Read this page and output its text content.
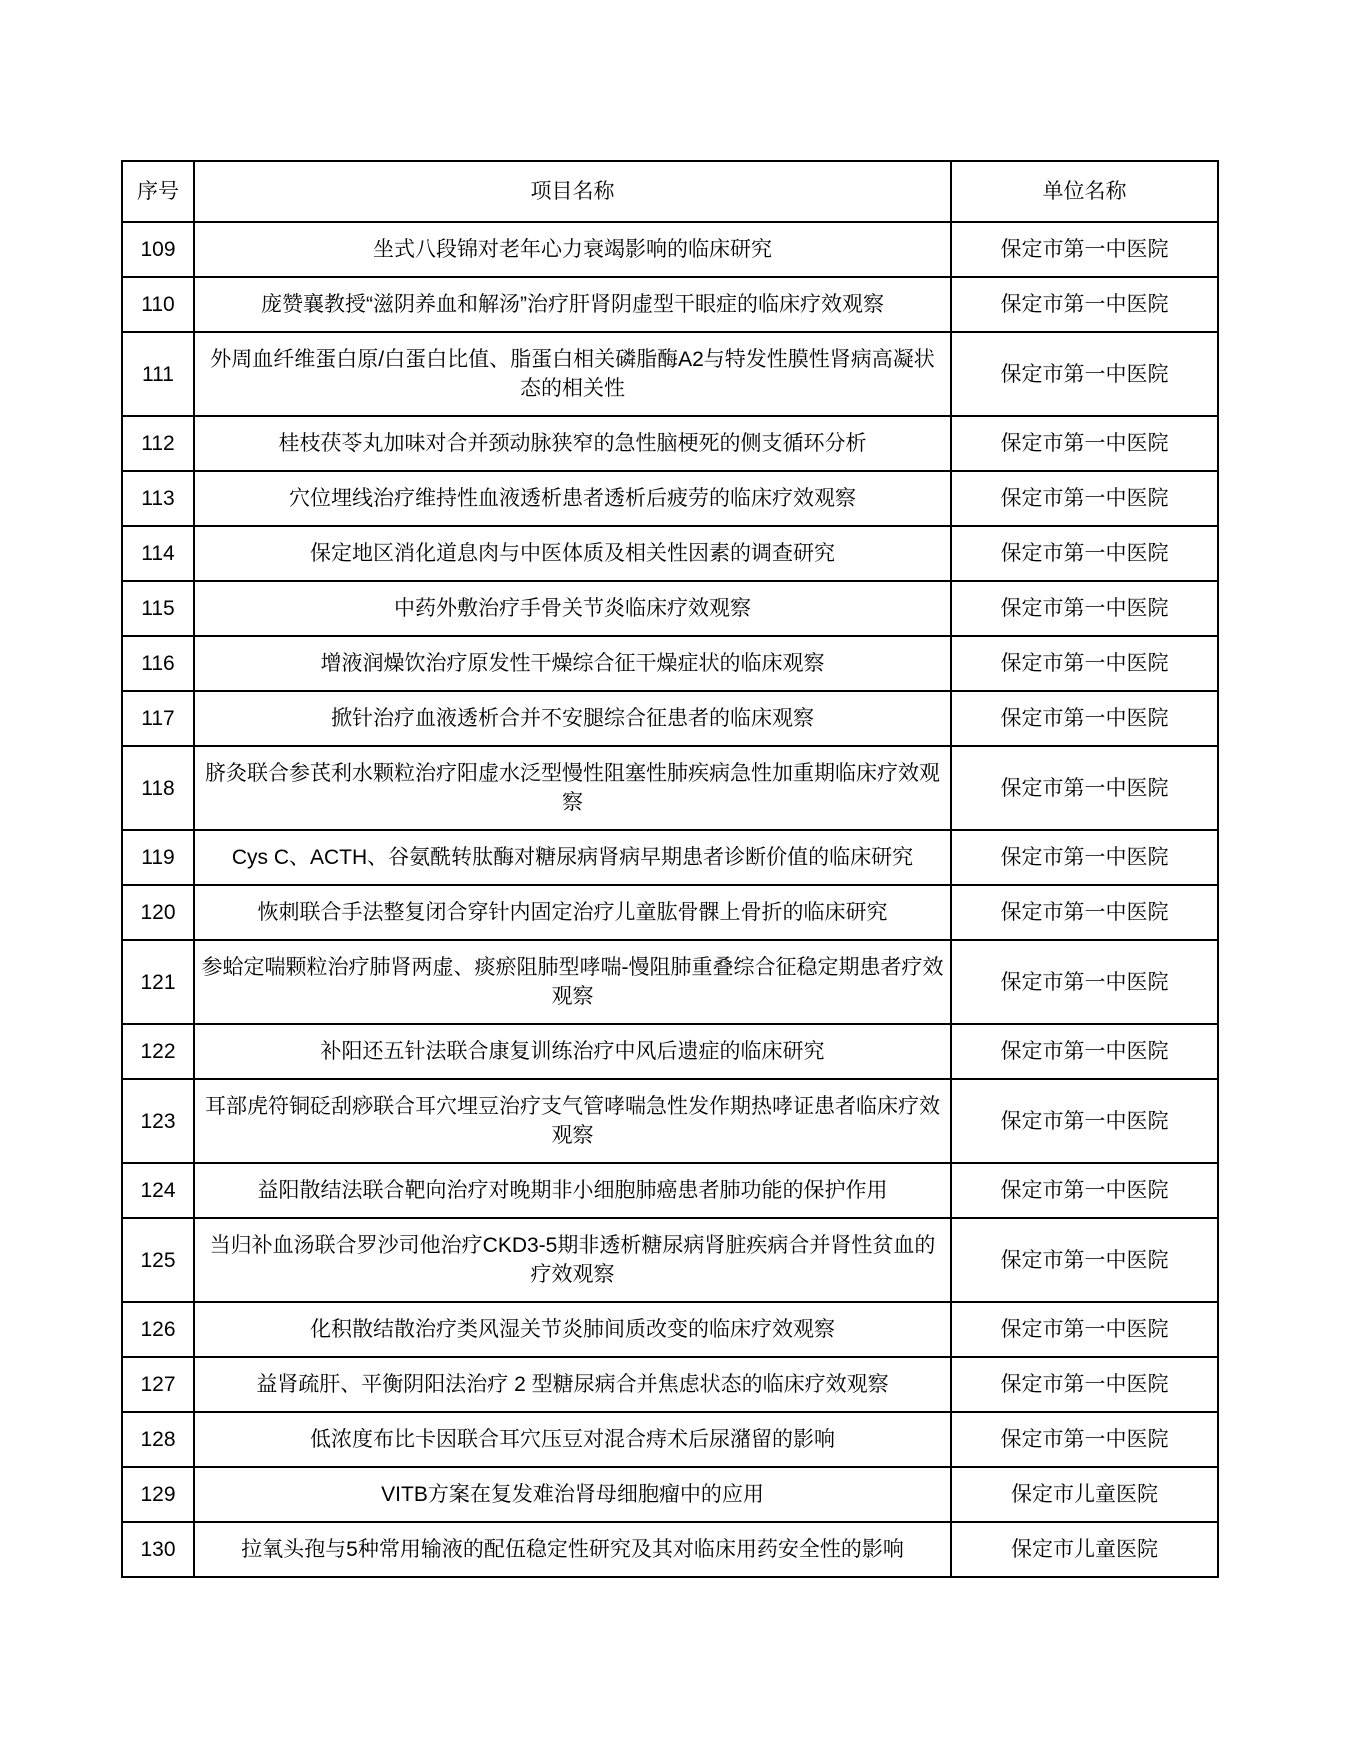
序号	项目名称	单位名称
109	坐式八段锦对老年心力衰竭影响的临床研究	保定市第一中医院
110	庞赞襄教授“滋阴养血和解汤”治疗肝肾阴虚型干眼症的临床疗效观察	保定市第一中医院
111	外周血纤维蛋白原/白蛋白比值、脂蛋白相关磷脂酶A2与特发性膜性肾病高凝状态的相关性	保定市第一中医院
112	桂枝茯苓丸加味对合并颈动脉狭窄的急性脑梗死的侧支循环分析	保定市第一中医院
113	穴位埋线治疗维持性血液透析患者透析后疲劳的临床疗效观察	保定市第一中医院
114	保定地区消化道息肉与中医体质及相关性因素的调查研究	保定市第一中医院
115	中药外敷治疗手骨关节炎临床疗效观察	保定市第一中医院
116	增液润燥饮治疗原发性干燥综合征干燥症状的临床观察	保定市第一中医院
117	掀针治疗血液透析合并不安腿综合征患者的临床观察	保定市第一中医院
118	脐灸联合参芪利水颗粒治疗阳虚水泛型慢性阻塞性肺疾病急性加重期临床疗效观察	保定市第一中医院
119	Cys C、ACTH、谷氨酰转肽酶对糖尿病肾病早期患者诊断价值的临床研究	保定市第一中医院
120	恢刺联合手法整复闭合穿针内固定治疗儿童肱骨髁上骨折的临床研究	保定市第一中医院
121	参蛤定喘颗粒治疗肺肾两虚、痰瘀阻肺型哮喘-慢阻肺重叠综合征稳定期患者疗效观察	保定市第一中医院
122	补阳还五针法联合康复训练治疗中风后遗症的临床研究	保定市第一中医院
123	耳部虎符铜砭刮痧联合耳穴埋豆治疗支气管哮喘急性发作期热哮证患者临床疗效观察	保定市第一中医院
124	益阳散结法联合靶向治疗对晚期非小细胞肺癌患者肺功能的保护作用	保定市第一中医院
125	当归补血汤联合罗沙司他治疗CKD3-5期非透析糖尿病肾脏疾病合并肾性贫血的疗效观察	保定市第一中医院
126	化积散结散治疗类风湿关节炎肺间质改变的临床疗效观察	保定市第一中医院
127	益肾疏肝、平衡阴阳法治疗 2 型糖尿病合并焦虑状态的临床疗效观察	保定市第一中医院
128	低浓度布比卡因联合耳穴压豆对混合痔术后尿潴留的影响	保定市第一中医院
129	VITB方案在复发难治肾母细胞瘤中的应用	保定市儿童医院
130	拉氧头孢与5种常用输液的配伍稳定性研究及其对临床用药安全性的影响	保定市儿童医院
